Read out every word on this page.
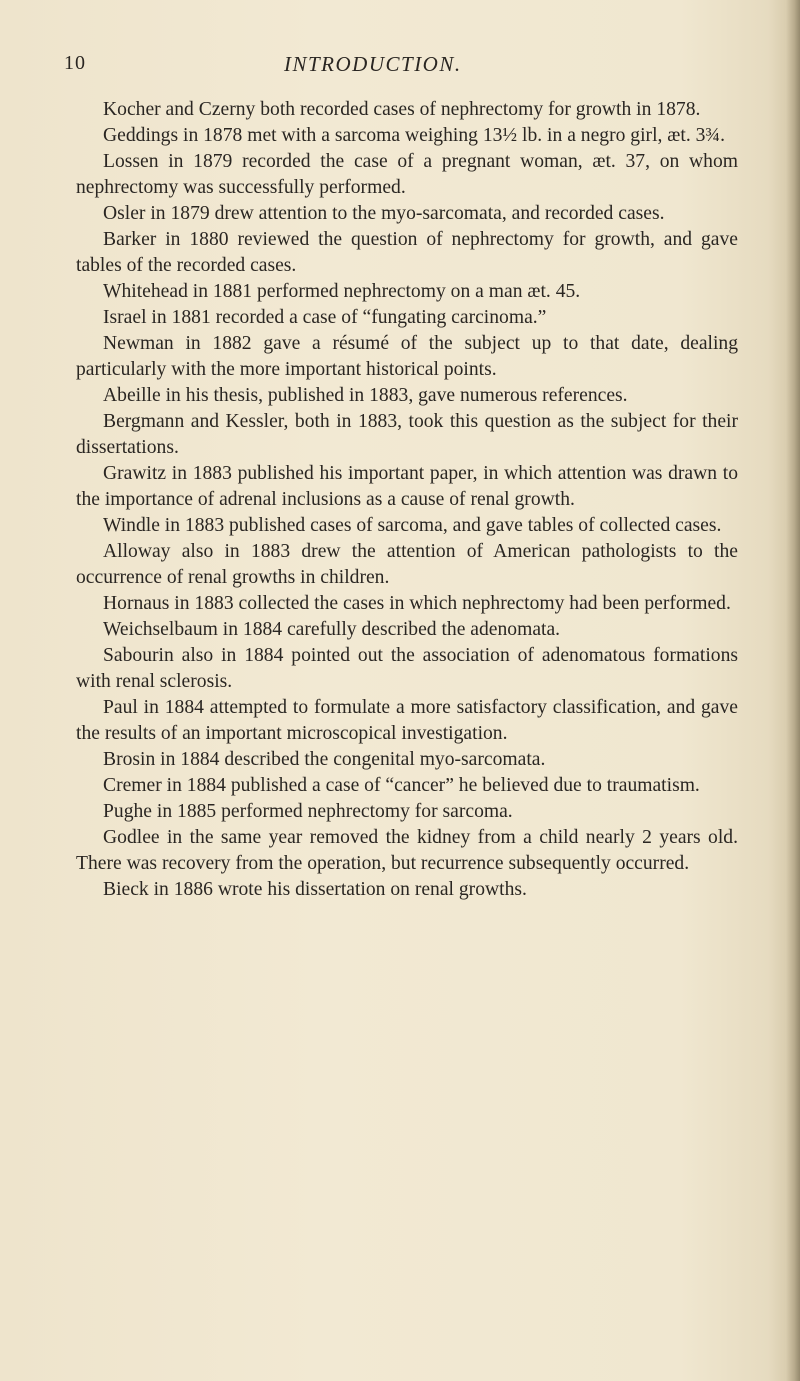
10	INTRODUCTION.

Kocher and Czerny both recorded cases of nephrectomy for growth in 1878.

Geddings in 1878 met with a sarcoma weighing 13½ lb. in a negro girl, æt. 3¾.

Lossen in 1879 recorded the case of a pregnant woman, æt. 37, on whom nephrectomy was successfully performed.

Osler in 1879 drew attention to the myo-sarcomata, and recorded cases.

Barker in 1880 reviewed the question of nephrectomy for growth, and gave tables of the recorded cases.

Whitehead in 1881 performed nephrectomy on a man æt. 45.

Israel in 1881 recorded a case of “fungating carcinoma.”

Newman in 1882 gave a résumé of the subject up to that date, dealing particularly with the more important historical points.

Abeille in his thesis, published in 1883, gave numerous references.

Bergmann and Kessler, both in 1883, took this question as the subject for their dissertations.

Grawitz in 1883 published his important paper, in which attention was drawn to the importance of adrenal inclusions as a cause of renal growth.

Windle in 1883 published cases of sarcoma, and gave tables of collected cases.

Alloway also in 1883 drew the attention of American pathologists to the occurrence of renal growths in children.

Hornaus in 1883 collected the cases in which nephrectomy had been performed.

Weichselbaum in 1884 carefully described the adenomata.

Sabourin also in 1884 pointed out the association of adenomatous formations with renal sclerosis.

Paul in 1884 attempted to formulate a more satisfactory classification, and gave the results of an important microscopical investigation.

Brosin in 1884 described the congenital myo-sarcomata.

Cremer in 1884 published a case of “cancer” he believed due to traumatism.

Pughe in 1885 performed nephrectomy for sarcoma.

Godlee in the same year removed the kidney from a child nearly 2 years old. There was recovery from the operation, but recurrence subsequently occurred.

Bieck in 1886 wrote his dissertation on renal growths.
